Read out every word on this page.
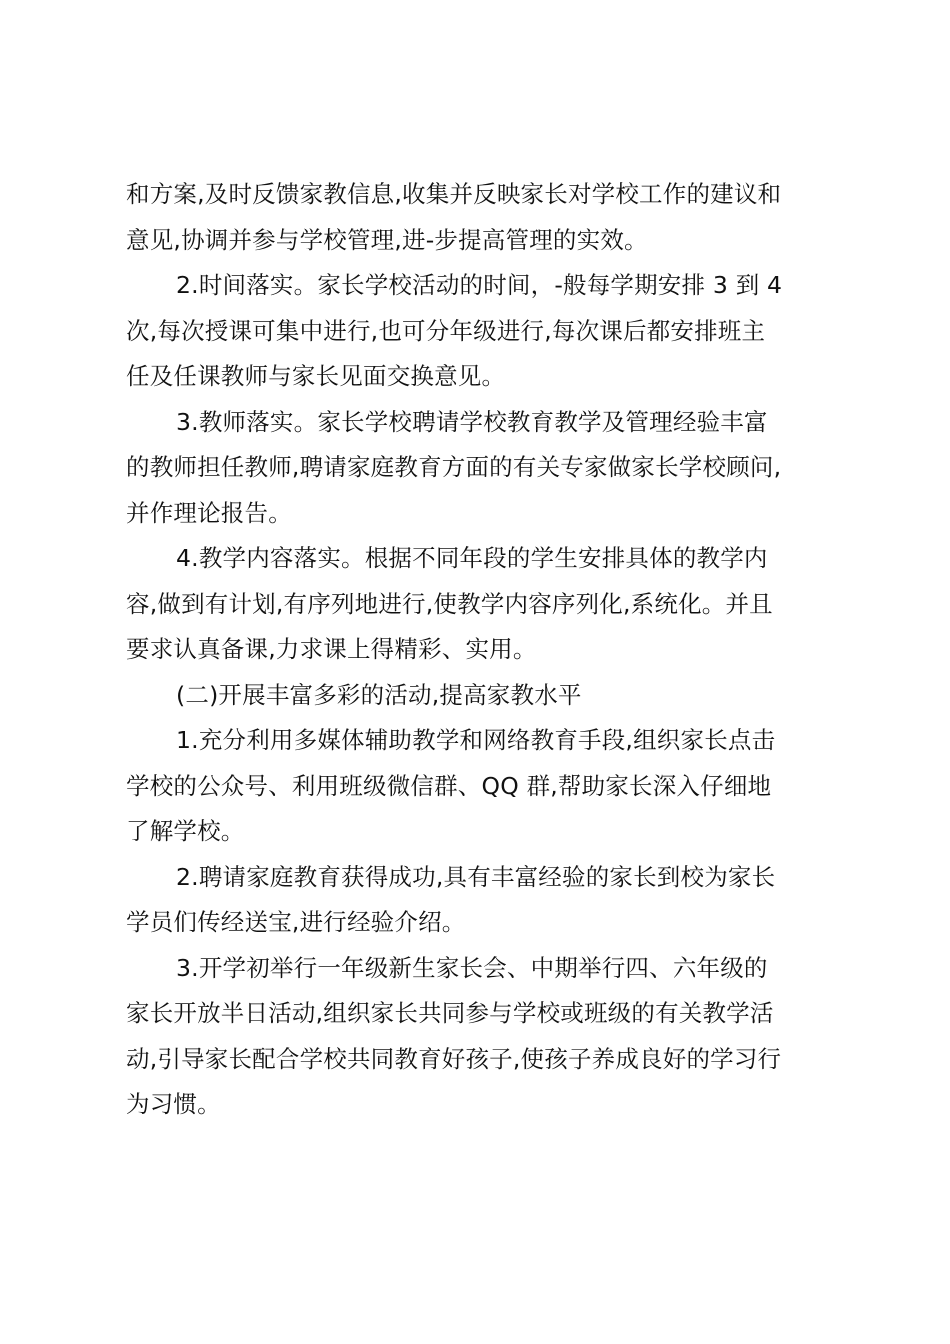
和方案,及时反馈家教信息,收集并反映家长对学校工作的建议和
意见,协调并参与学校管理,进-步提高管理的实效。
2.时间落实。家长学校活动的时间，-般每学期安排 3 到 4
次,每次授课可集中进行,也可分年级进行,每次课后都安排班主
任及任课教师与家长见面交换意见。
3.教师落实。家长学校聘请学校教育教学及管理经验丰富
的教师担任教师,聘请家庭教育方面的有关专家做家长学校顾问,
并作理论报告。
4.教学内容落实。根据不同年段的学生安排具体的教学内
容,做到有计划,有序列地进行,使教学内容序列化,系统化。并且
要求认真备课,力求课上得精彩、实用。
(二)开展丰富多彩的活动,提高家教水平
1.充分利用多媒体辅助教学和网络教育手段,组织家长点击
学校的公众号、利用班级微信群、QQ 群,帮助家长深入仔细地
了解学校。
2.聘请家庭教育获得成功,具有丰富经验的家长到校为家长
学员们传经送宝,进行经验介绍。
3.开学初举行一年级新生家长会、中期举行四、六年级的
家长开放半日活动,组织家长共同参与学校或班级的有关教学活
动,引导家长配合学校共同教育好孩子,使孩子养成良好的学习行
为习惯。
